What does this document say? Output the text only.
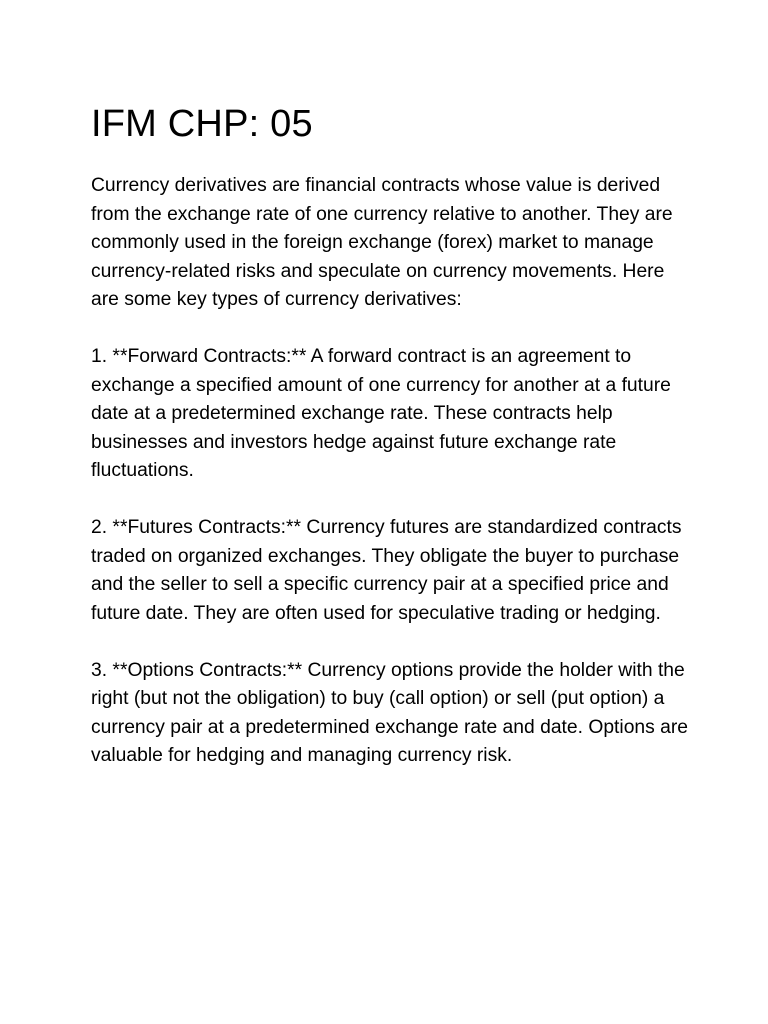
IFM CHP: 05

Currency derivatives are financial contracts whose value is derived from the exchange rate of one currency relative to another. They are commonly used in the foreign exchange (forex) market to manage currency-related risks and speculate on currency movements. Here are some key types of currency derivatives:

1. **Forward Contracts:** A forward contract is an agreement to exchange a specified amount of one currency for another at a future date at a predetermined exchange rate. These contracts help businesses and investors hedge against future exchange rate fluctuations.

2. **Futures Contracts:** Currency futures are standardized contracts traded on organized exchanges. They obligate the buyer to purchase and the seller to sell a specific currency pair at a specified price and future date. They are often used for speculative trading or hedging.

3. **Options Contracts:** Currency options provide the holder with the right (but not the obligation) to buy (call option) or sell (put option) a currency pair at a predetermined exchange rate and date. Options are valuable for hedging and managing currency risk.
